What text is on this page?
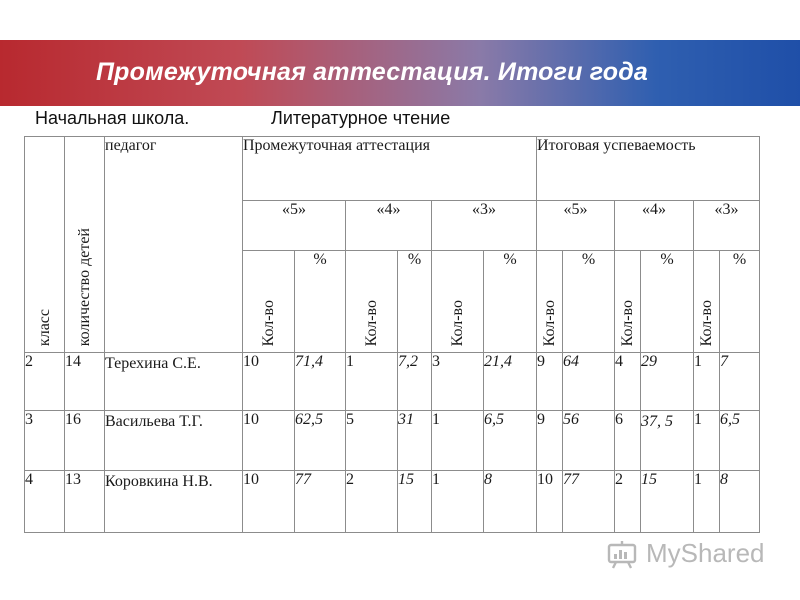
Промежуточная аттестация. Итоги года
Начальная школа.	Литературное чтение
класс	количество детей	педагог	Промежуточная аттестация						Итоговая успеваемость					
			«5»		«4»		«3»		«5»		«4»		«3»	

			Кол-во	%	Кол-во	%	Кол-во	%	Кол-во	%	Кол-во	%	Кол-во	%
2	14	Терехина С.Е.	10	71,4	1	7,2	3	21,4	9	64	4	29	1	7
3	16	Васильева Т.Г.	10	62,5	5	31	1	6,5	9	56	6	37, 5	1	6,5
4	13	Коровкина Н.В.	10	77	2	15	1	8	10	77	2	15	1	8
MyShared
